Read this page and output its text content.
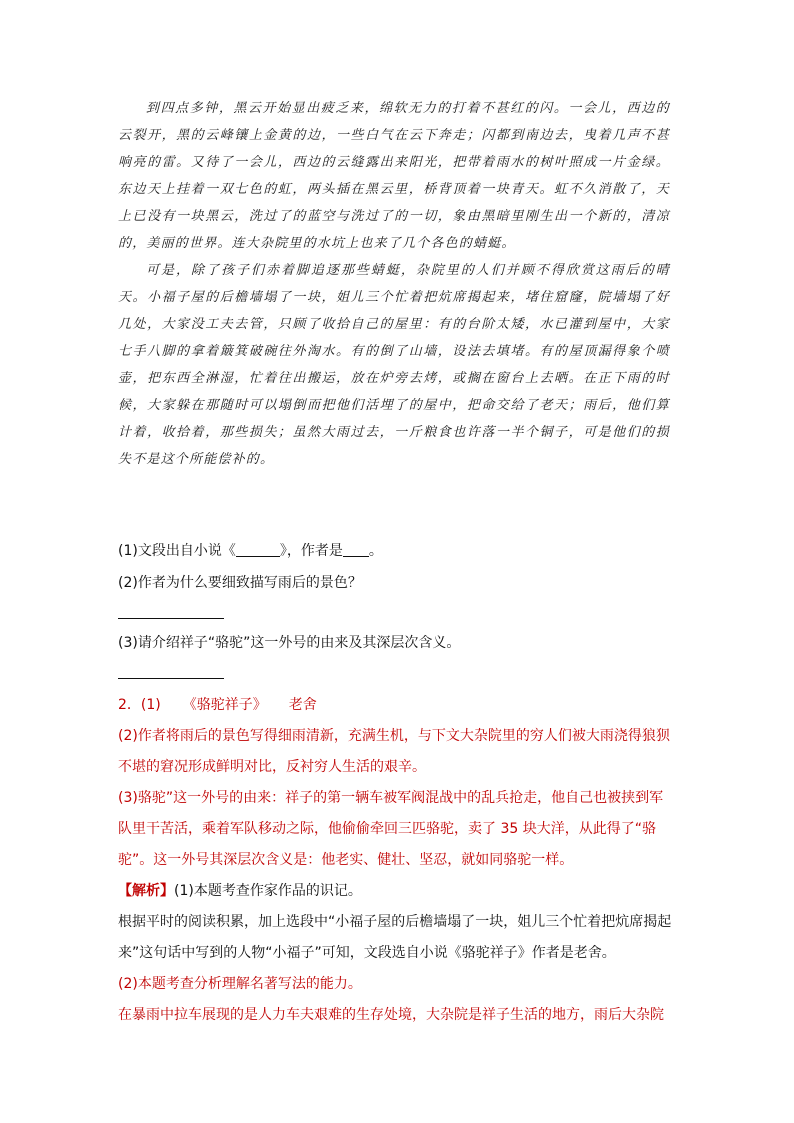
到四点多钟，黑云开始显出疲乏来，绵软无力的打着不甚红的闪。一会儿，西边的云裂开，黑的云峰镶上金黄的边，一些白气在云下奔走；闪都到南边去，曳着几声不甚响亮的雷。又待了一会儿，西边的云缝露出来阳光，把带着雨水的树叶照成一片金绿。东边天上挂着一双七色的虹，两头插在黑云里，桥背顶着一块青天。虹不久消散了，天上已没有一块黑云，洗过了的蓝空与洗过了的一切，象由黑暗里刚生出一个新的，清凉的，美丽的世界。连大杂院里的水坑上也来了几个各色的蜻蜓。

可是，除了孩子们赤着脚追逐那些蜻蜓，杂院里的人们并顾不得欣赏这雨后的晴天。小福子屋的后檐墙塌了一块，姐儿三个忙着把炕席揭起来，堵住窟窿，院墙塌了好几处，大家没工夫去管，只顾了收拾自己的屋里：有的台阶太矮，水已灌到屋中，大家七手八脚的拿着簸箕破碗往外淘水。有的倒了山墙，设法去填堵。有的屋顶漏得象个喷壶，把东西全淋湿，忙着往出搬运，放在炉旁去烤，或搁在窗台上去晒。在正下雨的时候，大家躲在那随时可以塌倒而把他们活埋了的屋中，把命交给了老天；雨后，他们算计着，收拾着，那些损失；虽然大雨过去，一斤粮食也许落一半个铜子，可是他们的损失不是这个所能偿补的。

(1)文段出自小说《	》，作者是 。
(2)作者为什么要细致描写雨后的景色？
(3)请介绍祥子“骆驼”这一外号的由来及其深层次含义。
2．(1) 《骆驼祥子》 老舍
(2)作者将雨后的景色写得细雨清新，充满生机，与下文大杂院里的穷人们被大雨浇得狼狈
不堪的窘况形成鲜明对比，反衬穷人生活的艰辛。
(3)骆驼”这一外号的由来：祥子的第一辆车被军阀混战中的乱兵抢走，他自己也被挟到军
队里干苦活，乘着军队移动之际，他偷偷牵回三匹骆驼，卖了 35 块大洋，从此得了“骆
驼”。这一外号其深层次含义是：他老实、健壮、坚忍，就如同骆驼一样。
【解析】(1)本题考查作家作品的识记。
根据平时的阅读积累，加上选段中“小福子屋的后檐墙塌了一块，姐儿三个忙着把炕席揭起
来”这句话中写到的人物“小福子”可知，文段选自小说《骆驼祥子》作者是老舍。
(2)本题考查分析理解名著写法的能力。
在暴雨中拉车展现的是人力车夫艰难的生存处境，大杂院是祥子生活的地方，雨后大杂院
